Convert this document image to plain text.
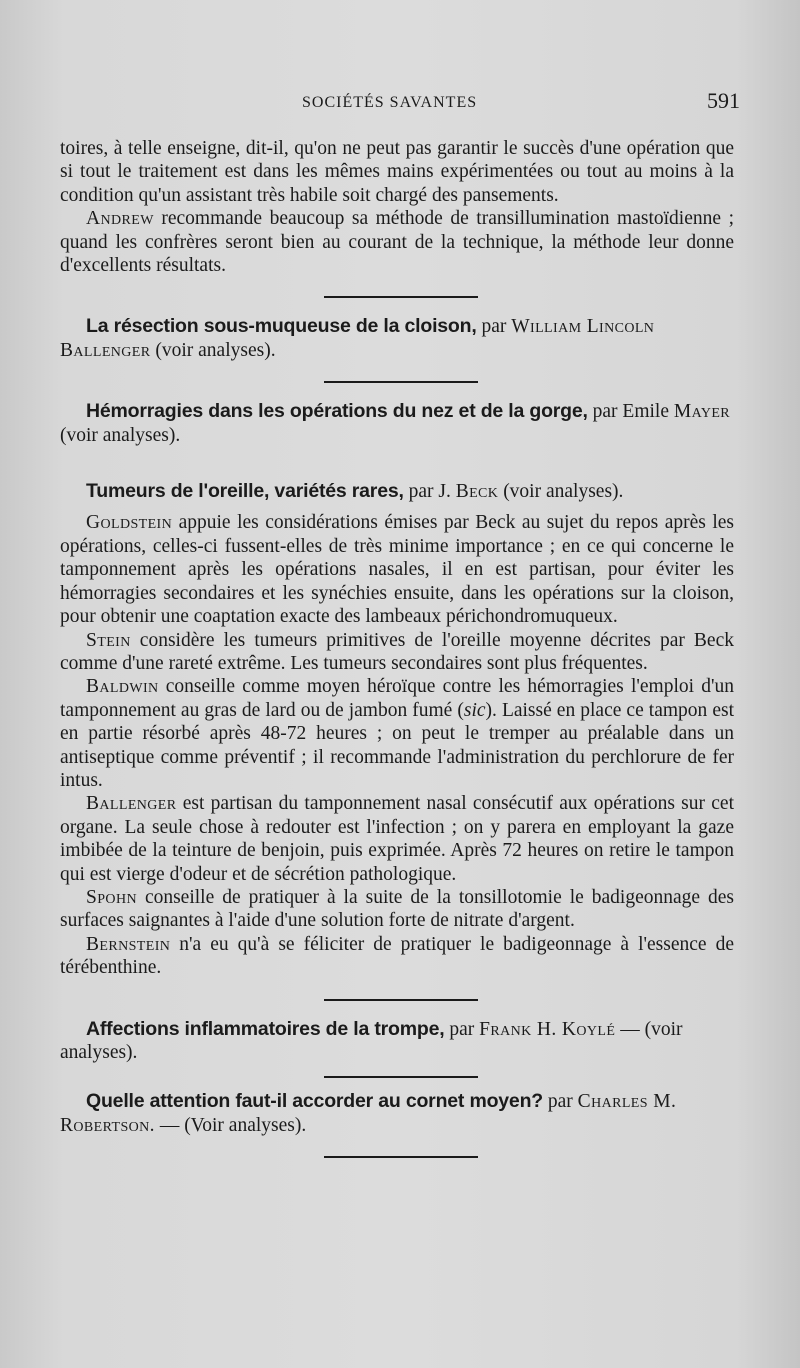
SOCIÉTÉS SAVANTES	591

toires, à telle enseigne, dit-il, qu'on ne peut pas garantir le succès d'une opération que si tout le traitement est dans les mêmes mains expérimentées ou tout au moins à la condition qu'un assistant très habile soit chargé des pansements.

Andrew recommande beaucoup sa méthode de transillumination mastoïdienne ; quand les confrères seront bien au courant de la technique, la méthode leur donne d'excellents résultats.

La résection sous-muqueuse de la cloison, par William Lincoln Ballenger (voir analyses).

Hémorragies dans les opérations du nez et de la gorge, par Emile Mayer (voir analyses).

Tumeurs de l'oreille, variétés rares, par J. Beck (voir analyses).

Goldstein appuie les considérations émises par Beck au sujet du repos après les opérations, celles-ci fussent-elles de très minime importance ; en ce qui concerne le tamponnement après les opérations nasales, il en est partisan, pour éviter les hémorragies secondaires et les synéchies ensuite, dans les opérations sur la cloison, pour obtenir une coaptation exacte des lambeaux périchondromuqueux.

Stein considère les tumeurs primitives de l'oreille moyenne décrites par Beck comme d'une rareté extrême. Les tumeurs secondaires sont plus fréquentes.

Baldwin conseille comme moyen héroïque contre les hémorragies l'emploi d'un tamponnement au gras de lard ou de jambon fumé (sic). Laissé en place ce tampon est en partie résorbé après 48-72 heures ; on peut le tremper au préalable dans un antiseptique comme préventif ; il recommande l'administration du perchlorure de fer intus.

Ballenger est partisan du tamponnement nasal consécutif aux opérations sur cet organe. La seule chose à redouter est l'infection ; on y parera en employant la gaze imbibée de la teinture de benjoin, puis exprimée. Après 72 heures on retire le tampon qui est vierge d'odeur et de sécrétion pathologique.

Spohn conseille de pratiquer à la suite de la tonsillotomie le badigeonnage des surfaces saignantes à l'aide d'une solution forte de nitrate d'argent.

Bernstein n'a eu qu'à se féliciter de pratiquer le badigeonnage à l'essence de térébenthine.

Affections inflammatoires de la trompe, par Frank H. Koylé — (voir analyses).

Quelle attention faut-il accorder au cornet moyen? par Charles M. Robertson. — (Voir analyses).
